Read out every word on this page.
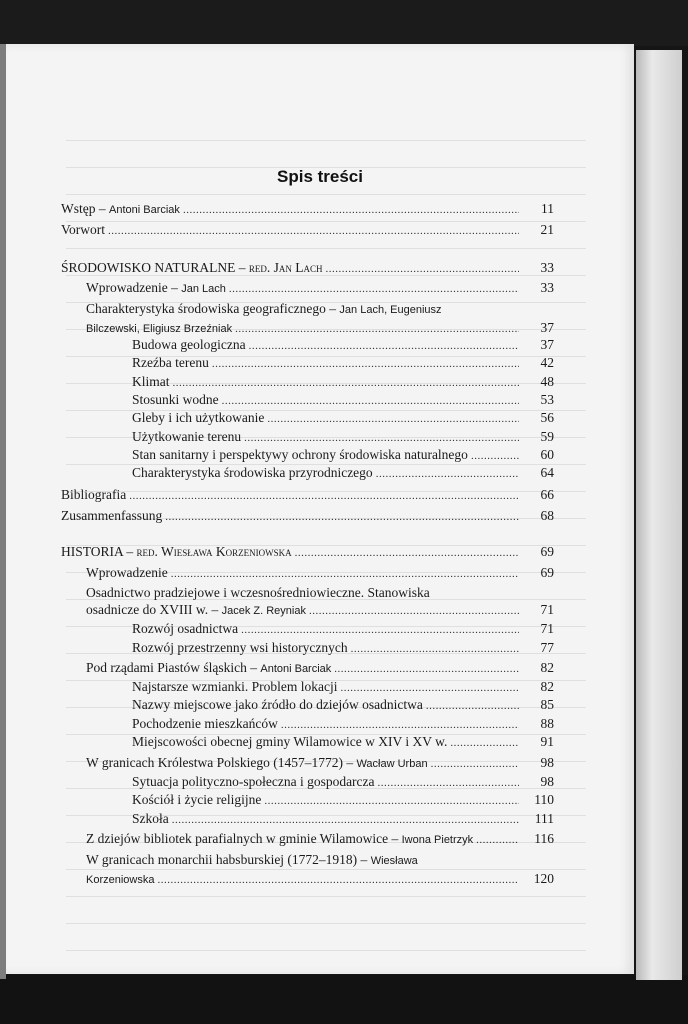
Spis treści
Wstęp – Antoni Barciak .....	11
Vorwort .....	21
ŚRODOWISKO NATURALNE – red. Jan Lach .....	33
Wprowadzenie – Jan Lach .....	33
Charakterystyka środowiska geograficznego – Jan Lach, Eugeniusz
Bilczewski, Eligiusz Brzeźniak .....	37
Budowa geologiczna .....	37
Rzeźba terenu .....	42
Klimat .....	48
Stosunki wodne .....	53
Gleby i ich użytkowanie .....	56
Użytkowanie terenu .....	59
Stan sanitarny i perspektywy ochrony środowiska naturalnego .....	60
Charakterystyka środowiska przyrodniczego .....	64
Bibliografia .....	66
Zusammenfassung .....	68
HISTORIA – red. Wiesława Korzeniowska .....	69
Wprowadzenie .....	69
Osadnictwo pradziejowe i wczesnośredniowieczne. Stanowiska
osadnicze do XVIII w. – Jacek Z. Reyniak .....	71
Rozwój osadnictwa .....	71
Rozwój przestrzenny wsi historycznych .....	77
Pod rządami Piastów śląskich – Antoni Barciak .....	82
Najstarsze wzmianki. Problem lokacji .....	82
Nazwy miejscowe jako źródło do dziejów osadnictwa .....	85
Pochodzenie mieszkańców .....	88
Miejscowości obecnej gminy Wilamowice w XIV i XV w. .....	91
W granicach Królestwa Polskiego (1457–1772) – Wacław Urban .....	98
Sytuacja polityczno-społeczna i gospodarcza .....	98
Kościół i życie religijne .....	110
Szkoła .....	111
Z dziejów bibliotek parafialnych w gminie Wilamowice – Iwona Pietrzyk .....	116
W granicach monarchii habsburskiej (1772–1918) – Wiesława
Korzeniowska .....	120
